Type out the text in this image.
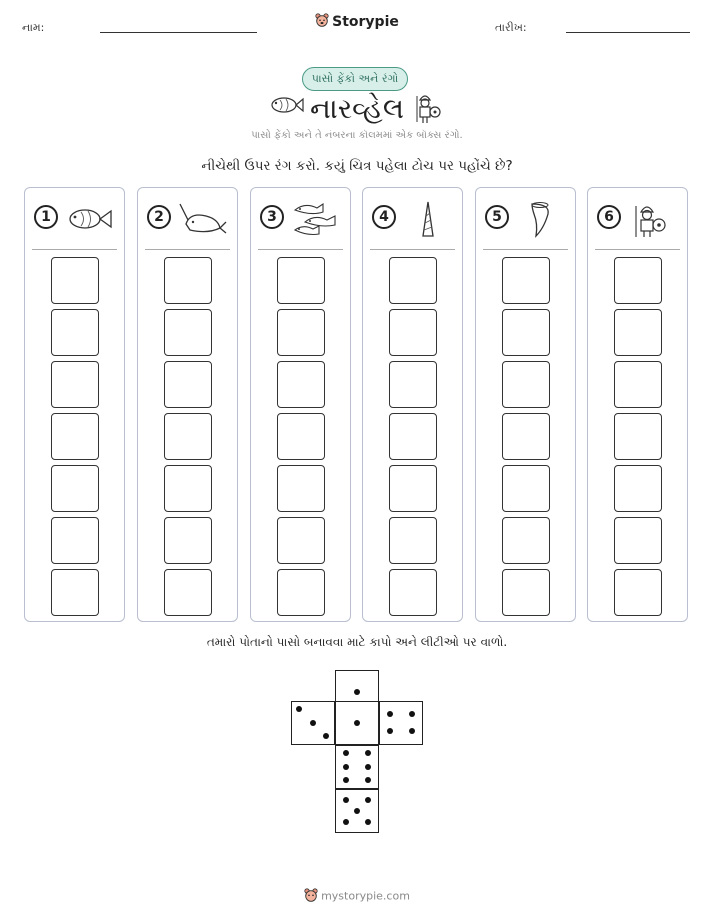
નામ:	Storypie	તારીખ:
પાસો ફેંકો અને રંગો
નારવ્હેલ
પાસો ફેંકો અને તે નંબરના કૉલમમાં એક બૉક્સ રંગો.
નીચેથી ઉપર રંગ કરો. કયું ચિત્ર પહેલા ટોચ પર પહોંચે છે?
1	2	3	4	5	6
તમારો પોતાનો પાસો બનાવવા માટે કાપો અને લીટીઓ પર વાળો.
mystorypie.com
